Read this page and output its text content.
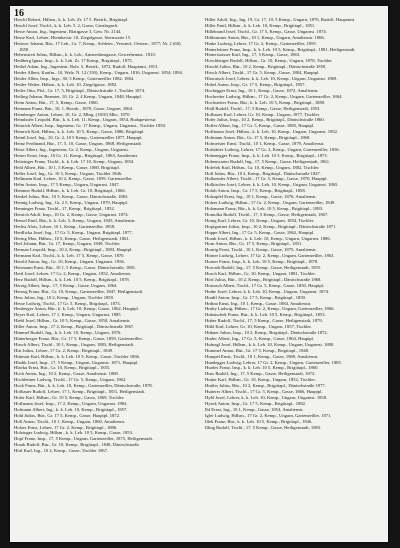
16

Heschl Robert, Hdlsm., k. k. Leh. Zr. 17 5. Bezirk., Brigittapl.

Heschl Josef, Tischl., k. k. Leh. 5. 2, Gasse, Grnzbrgnch.

Hesse Anton, Ing., Ingenieur, Blattgasse 3, Gew. Nr. 2144.

Hesse Karl, Lehrer, Hiemkerstr. 10, Ziegelgasse, Sternwarte 15.

Hettwer Johann, Bür., 17 Leb., Gr. 7, Kemp., Schleier., Versand., Oesterr., 1877; Nr. 2 (60), 1850.

Hebenstreit Julius, Hdlsm., k. k. Leh., Amsterdamgasse, Gewerbeanst., 1810.

Hedtberg Ignaz, Insp., k. k. Leh. Zr. 17 Kemp., Brigittapl., 1875.

Heibel Adam, Ing., Ingenieur, Bolz. 5, Bezirk., 1872, Rudolf, Hauptamt. 1813.

Heider Albert, Kaufm., 10, Walz. N. 12 (150), Kemp., Ungarn, 1816, Ungarnst. 1854; 1894.

Heider Albin, Insp., Ingr., 30, 5 Kemp., Gartenzeiller 1882, 1864.

Heider Walter, Hdlsm., k. k. Leh. 10, Ziegelgasse, 1882.

Heiler Otto, Pfsl., Gr. 17, 5, Brigittapl., Dänischstraße 1, Tischler 1874.

Heiling Johann, Beamter, 10, Gr. 2, 4 Kemp., Ungarn, 1848, Hauptpl.

Heim Anton, Bür., 17, 5, Kemp., Gasse, 1860.

Heimann Franz, Bür., 10, 1, Bezirk., 1870, Gasse, Ungarn, 1864.

Heimberger Anton, Lehrer, 10, Gr. 2, Mbrg. (1810) Mbr., 1870.

Heimhofer Leopold, Bür., k. k. Leh. 11, Kemp., Ungarn, 1854, Budapesterstr.

Heinrich Albert, Insp., Ingenieur, Gr. 17 Kemp., Ungarn, Ungarnst., Tischler 1850.

Heinrich Karl, Hdlsm., k. k. Leh. 10 5, Kemp., Gasse, 1886, Brigittapl.

Heintl Josef, Ing., 10, Gr. 2, 10 5 Kemp., Gartenzeiller 1877, Hauptpl.

Heinz Ferdinand, Bür., 17, 5, 10, Gasse, Ungarn, 1868, Heiligenstadt.

Heise Albert, Ing., Ingenieur, Gr. 2, Kemp., Ungarn, Ungarnst.

Heiser Ernst, Insp., 10 Gr. 11, Kemp., Brigittapl., 1863, Amalienstr.

Heitzinger Franz, Tischl., k. k. Leh. 17 10, Kemp., Ungarn, 1854.

Held Albert, Bür., 10 1, 5 Kemp., Gasse, 1880, Brigittapl.

Heller Josef, Ing., Gr. 10 5, Kemp., Ungarn, Tischler 1846.

Hellmann Karl, Lehrer, 10 2, Kemp., Gasse, 1859, Gartenzeiller.

Helm Anton, Insp., 17 5 Kemp., Ungarn, Ungarnst. 1847.

Hemmer Rudolf, Hdlsm., k. k. Leh. Gr. 10, Brigittapl., 1866.

Henkel Julius, Bür., 10 5, Kemp., Gasse, Dänischstraße, 1863.

Hennig Ludwig, Ing., Gr. 2 5, Kemp., Ungarn, 1879, Hauptpl.

Henninger Franz, Tischl., 17, Kemp., Brigittapl., 1852.

Henrich Adolf, Insp., 10 Gr. 2, Kemp., Gasse, Ungarnst. 1874.

Hensel Emil, Bür., k. k. Leh. 5, Kemp., Ungarn, 1845, Amalienstr.

Herbst Alois, Lehrer, 10 1, Kemp., Gartenzeiller, 1858.

Herdlicka Josef, Ing., 17 Gr. 5, Kemp., Ungarn, Brigittapl. 1877.

Hering Max, Hdlsm., 10 5, Kemp., Gasse, Heiligenstadt, 1861.

Herl Johann, Bür., Gr. 17, Kemp., Ungarn, 1849, Tischler.

Herman Leopold, Insp., 10 2, Kemp., Brigittapl., 1883, Hauptpl.

Hermann Karl, Tischl., k. k. Leh. 17 5, Kemp., Gasse, 1870.

Herold Anton, Ing., Gr. 10, Kemp., Ungarn, Ungarnst. 1856.

Herrmann Ernst, Bür., 10 1, 5 Kemp., Gasse, Dänischstraße, 1881.

Hertl Josef, Lehrer, 17 Gr. 2, Kemp., Ungarn, 1852, Amalienstr.

Herz Rudolf, Hdlsm., k. k. Leh. 10 5, Kemp., Brigittapl., 1878.

Herzig Albert, Insp., 17, 5 Kemp., Gasse, Ungarn, 1864.

Herzog Franz, Bür., Gr. 10, Kemp., Gartenzeiller, 1847, Heiligenstadt.

Hess Julius, Ing., 10 2, Kemp., Ungarn, Tischler 1859.

Hesse Ludwig, Tischl., 17 Gr. 5, Kemp., Brigittapl., 1873.

Heuberger Anton, Bür., k. k. Leh. 10, Kemp., Gasse, 1862, Hauptpl.

Heyer Karl, Lehrer, 17 1, Kemp., Ungarn, Ungarnst. 1885.

Hiebl Josef, Hdlsm., Gr. 10 5, Kemp., Gasse, 1850, Amalienstr.

Hiller Anton, Insp., 17 2, Kemp., Brigittapl., Dänischstraße 1867.

Himmel Rudolf, Ing., k. k. Leh. 10, Kemp., Ungarn, 1876.

Hinterberger Franz, Bür., Gr. 17 5, Kemp., Gasse, 1858, Gartenzeiller.

Hirsch Albert, Tischl., 10 1, Kemp., Ungarn, 1883, Heiligenstadt.

Hirt Julius, Lehrer, 17 Gr. 2, Kemp., Brigittapl., 1849.

Hittmair Karl, Hdlsm., k. k. Leh. 10 5, Kemp., Gasse, Tischler 1866.

Hladik Josef, Insp., 17, 5 Kemp., Ungarn, Ungarnst. 1871, Hauptpl.

Hlavka Ernst, Bür., Gr. 10, Kemp., Brigittapl., 1855.

Hoch Anton, Ing., 10 2, Kemp., Gasse, Amalienstr. 1880.

Hochleitner Ludwig, Tischl., 17 Gr. 5, Kemp., Ungarn, 1862.

Hock Franz, Bür., k. k. Leh. 10, Kemp., Gartenzeiller, Dänischstraße, 1878.

Hofbauer Rudolf, Lehrer, 17 1, Kemp., Brigittapl., 1851, Heiligenstadt.

Hofer Karl, Hdlsm., Gr. 10 5, Kemp., Gasse, 1869, Tischler.

Hoffmann Josef, Insp., 17 2, Kemp., Ungarn, Ungarnst. 1884.

Hofmann Albert, Ing., k. k. Leh. 10, Kemp., Brigittapl., 1857.

Hohl Julius, Bür., Gr. 17 5, Kemp., Gasse, Hauptpl. 1872.

Holl Anton, Tischl., 10 1, Kemp., Ungarn, 1860, Amalienstr.

Holzer Ernst, Lehrer, 17 Gr. 2, Kemp., Brigittapl., 1886.

Holzinger Ludwig, Hdlsm., k. k. Leh. 10 5, Kemp., Gasse, 1853.

Hopf Franz, Insp., 17, 5 Kemp., Ungarn, Gartenzeiller, 1875, Heiligenstadt.

Horak Rudolf, Bür., Gr. 10, Kemp., Brigittapl., 1848, Dänischstraße.

Hörl Karl, Ing., 10 2, Kemp., Gasse, Tischler 1867.

Hiller Adolf, Ing., Ing. 19, Gr. 17, 10, 5 Kemp., Ungarn, 1876, Rudolf, Hauptamt.

Hiller Emil, Hdlsm., k. k. Leh. 10, Kemp., Brigittapl., 1851.

Hillebrand Josef, Tischl., Gr. 17 5, Kemp., Gasse, Ungarnst. 1874.

Hiltbrunner Anton, Bür., 10 1, Kemp., Ungarn, Amalienstr. 1866.

Hinke Ludwig, Lehrer, 17 Gr. 2, Kemp., Gartenzeiller, 1859.

Hinterleitner Franz, Insp., k. k. Leh. 10 5, Kemp., Brigittapl., 1881, Heiligenstadt.

Hinterstoisser Karl, Ing., 17, 5 Kemp., Gasse, 1863.

Hirschberger Rudolf, Hdlsm., Gr. 10, Kemp., Ungarn, 1878, Tischler.

Hirschl Julius, Bür., 10 2, Kemp., Brigittapl., Dänischstraße 1850.

Hirsch Albert, Tischl., 17 Gr. 5, Kemp., Gasse, 1884, Hauptpl.

Hlawatsch Josef, Lehrer, k. k. Leh. 10, Kemp., Ungarn, Ungarnst. 1869.

Hobel Anton, Insp., Gr. 17 5, Kemp., Brigittapl., 1857.

Hochegger Ernst, Ing., 10 1, Kemp., Gasse, 1872, Amalienstr.

Hochreiter Ludwig, Hdlsm., 17 Gr. 2, Kemp., Ungarn, Gartenzeiller, 1864.

Hochstetter Franz, Bür., k. k. Leh. 10 5, Kemp., Brigittapl., 1880.

Hödl Rudolf, Tischl., 17, 5 Kemp., Gasse, Heiligenstadt, 1853.

Hofbauer Karl, Lehrer, Gr. 10, Kemp., Ungarn, 1877, Tischler.

Hofer Julius, Insp., 10 2, Kemp., Brigittapl., Dänischstraße 1860.

Hoffer Albert, Ing., 17 Gr. 5, Kemp., Gasse, 1885, Hauptpl.

Hoffmann Josef, Hdlsm., k. k. Leh. 10, Kemp., Ungarn, Ungarnst. 1852.

Hofmann Anton, Bür., Gr. 17 5, Kemp., Brigittapl., 1868.

Hofmeister Ernst, Tischl., 10 1, Kemp., Gasse, 1879, Amalienstr.

Hofstätter Ludwig, Lehrer, 17 Gr. 2, Kemp., Ungarn, Gartenzeiller, 1856.

Hohenegger Franz, Insp., k. k. Leh. 10 5, Kemp., Brigittapl., 1873.

Hohenwarter Rudolf, Ing., 17, 5 Kemp., Gasse, Heiligenstadt, 1861.

Holeček Karl, Hdlsm., Gr. 10, Kemp., Ungarn, 1882, Tischler.

Holl Julius, Bür., 10 2, Kemp., Brigittapl., Dänischstraße 1847.

Hollaender Albert, Tischl., 17 Gr. 5, Kemp., Gasse, 1870, Hauptpl.

Hollitscher Josef, Lehrer, k. k. Leh. 10, Kemp., Ungarn, Ungarnst. 1865.

Holub Anton, Insp., Gr. 17 5, Kemp., Brigittapl., 1858.

Holzapfel Ernst, Ing., 10 1, Kemp., Gasse, 1876, Amalienstr.

Holzer Ludwig, Hdlsm., 17 Gr. 2, Kemp., Ungarn, Gartenzeiller, 1849.

Holzmann Franz, Bür., k. k. Leh. 10 5, Kemp., Brigittapl., 1883.

Homolka Rudolf, Tischl., 17, 5 Kemp., Gasse, Heiligenstadt, 1867.

Honig Karl, Lehrer, Gr. 10, Kemp., Ungarn, 1854, Tischler.

Hopfgartner Julius, Insp., 10 2, Kemp., Brigittapl., Dänischstraße 1871.

Hoppe Albert, Ing., 17 Gr. 5, Kemp., Gasse, 1862, Hauptpl.

Horak Josef, Hdlsm., k. k. Leh. 10, Kemp., Ungarn, Ungarnst. 1886.

Horn Anton, Bür., Gr. 17 5, Kemp., Brigittapl., 1851.

Hornig Ernst, Tischl., 10 1, Kemp., Gasse, 1875, Amalienstr.

Hörner Ludwig, Lehrer, 17 Gr. 2, Kemp., Ungarn, Gartenzeiller, 1863.

Horner Franz, Insp., k. k. Leh. 10 5, Kemp., Brigittapl., 1878.

Horvath Rudolf, Ing., 17, 5 Kemp., Gasse, Heiligenstadt, 1855.

Hosch Karl, Hdlsm., Gr. 10, Kemp., Ungarn, 1881, Tischler.

Hösl Julius, Bür., 10 2, Kemp., Brigittapl., Dänischstraße 1868.

Hostasch Albert, Tischl., 17 Gr. 5, Kemp., Gasse, 1850, Hauptpl.

Hrabe Josef, Lehrer, k. k. Leh. 10, Kemp., Ungarn, Ungarnst. 1874.

Hradil Anton, Insp., Gr. 17 5, Kemp., Brigittapl., 1859.

Hrdina Ernst, Ing., 10 1, Kemp., Gasse, 1884, Amalienstr.

Hruby Ludwig, Hdlsm., 17 Gr. 2, Kemp., Ungarn, Gartenzeiller, 1866.

Hubatschek Franz, Bür., k. k. Leh. 10 5, Kemp., Brigittapl., 1853.

Huber Rudolf, Tischl., 17, 5 Kemp., Gasse, Heiligenstadt, 1879.

Hübl Karl, Lehrer, Gr. 10, Kemp., Ungarn, 1857, Tischler.

Hübner Julius, Insp., 10 2, Kemp., Brigittapl., Dänischstraße 1872.

Hudec Albert, Ing., 17 Gr. 5, Kemp., Gasse, 1864, Hauptpl.

Hufnagl Josef, Hdlsm., k. k. Leh. 10, Kemp., Ungarn, Ungarnst. 1880.

Hummel Anton, Bür., Gr. 17 5, Kemp., Brigittapl., 1848.

Humpel Ernst, Tischl., 10 1, Kemp., Gasse, 1869, Amalienstr.

Hundegger Ludwig, Lehrer, 17 Gr. 2, Kemp., Ungarn, Gartenzeiller, 1885.

Hurdes Franz, Insp., k. k. Leh. 10 5, Kemp., Brigittapl., 1860.

Huss Rudolf, Ing., 17, 5 Kemp., Gasse, Heiligenstadt, 1873.

Hutter Karl, Hdlsm., Gr. 10, Kemp., Ungarn, 1852, Tischler.

Huttler Julius, Bür., 10 2, Kemp., Brigittapl., Dänischstraße 1877.

Hutterer Albert, Tischl., 17 Gr. 5, Kemp., Gasse, 1866, Hauptpl.

Hybl Josef, Lehrer, k. k. Leh. 10, Kemp., Ungarn, Ungarnst. 1858.

Hysek Anton, Insp., Gr. 17 5, Kemp., Brigittapl., 1882.

Ibl Ernst, Ing., 10 1, Kemp., Gasse, 1854, Amalienstr.

Igler Ludwig, Hdlsm., 17 Gr. 2, Kemp., Ungarn, Gartenzeiller, 1871.

Illek Franz, Bür., k. k. Leh. 10 5, Kemp., Brigittapl., 1846.

Illing Rudolf, Tischl., 17, 5 Kemp., Gasse, Heiligenstadt, 1883.
